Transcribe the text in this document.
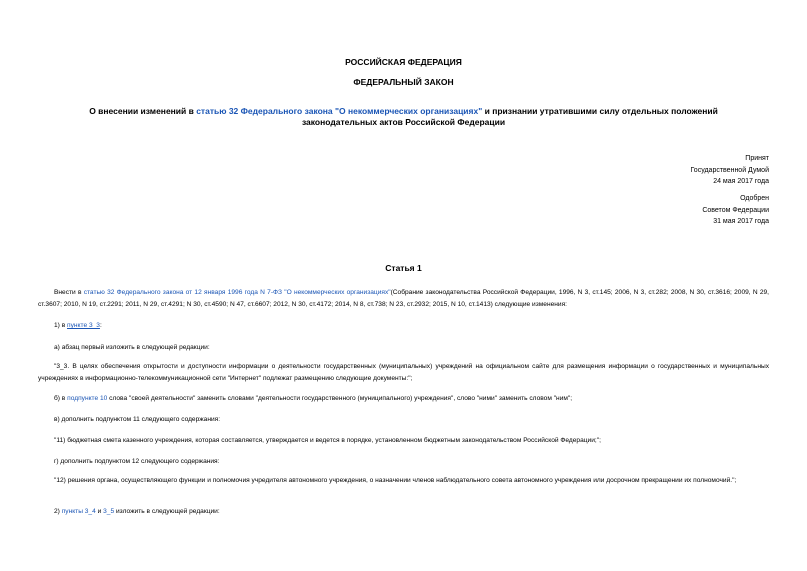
РОССИЙСКАЯ ФЕДЕРАЦИЯ
ФЕДЕРАЛЬНЫЙ ЗАКОН
О внесении изменений в статью 32 Федерального закона "О некоммерческих организациях" и признании утратившими силу отдельных положений законодательных актов Российской Федерации
Принят
Государственной Думой
24 мая 2017 года
Одобрен
Советом Федерации
31 мая 2017 года
Статья 1
Внести в статью 32 Федерального закона от 12 января 1996 года N 7-ФЗ "О некоммерческих организациях"(Собрание законодательства Российской Федерации, 1996, N 3, ст.145; 2006, N 3, ст.282; 2008, N 30, ст.3616; 2009, N 29, ст.3607; 2010, N 19, ст.2291; 2011, N 29, ст.4291; N 30, ст.4590; N 47, ст.6607; 2012, N 30, ст.4172; 2014, N 8, ст.738; N 23, ст.2932; 2015, N 10, ст.1413) следующие изменения:
1) в пункте 3_3:
а) абзац первый изложить в следующей редакции:
"3_3. В целях обеспечения открытости и доступности информации о деятельности государственных (муниципальных) учреждений на официальном сайте для размещения информации о государственных и муниципальных учреждениях в информационно-телекоммуникационной сети "Интернет" подлежат размещению следующие документы:";
б) в подпункте 10 слова "своей деятельности" заменить словами "деятельности государственного (муниципального) учреждения", слово "ними" заменить словом "ним";
в) дополнить подпунктом 11 следующего содержания:
"11) бюджетная смета казенного учреждения, которая составляется, утверждается и ведется в порядке, установленном бюджетным законодательством Российской Федерации;";
г) дополнить подпунктом 12 следующего содержания:
"12) решения органа, осуществляющего функции и полномочия учредителя автономного учреждения, о назначении членов наблюдательного совета автономного учреждения или досрочном прекращении их полномочий.";
2) пункты 3_4 и 3_5 изложить в следующей редакции:
